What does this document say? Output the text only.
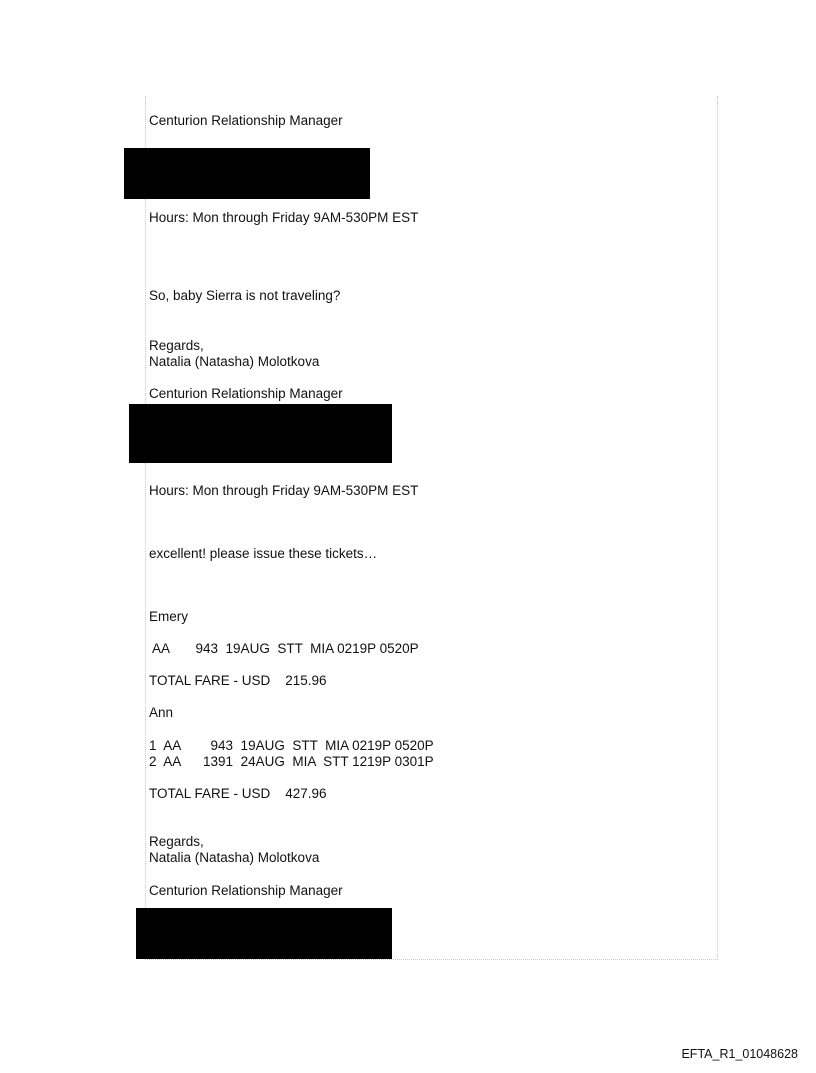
Centurion Relationship Manager
Hours: Mon through Friday 9AM-530PM EST
So, baby Sierra is not traveling?
Regards,
Natalia (Natasha) Molotkova
Centurion Relationship Manager
Hours: Mon through Friday 9AM-530PM EST
excellent! please issue these tickets…
Emery
AA       943  19AUG  STT  MIA 0219P 0520P
TOTAL FARE - USD    215.96
Ann
1  AA        943  19AUG  STT  MIA 0219P 0520P
2  AA      1391  24AUG  MIA  STT 1219P 0301P
TOTAL FARE - USD    427.96
Regards,
Natalia (Natasha) Molotkova
Centurion Relationship Manager
EFTA_R1_01048628
